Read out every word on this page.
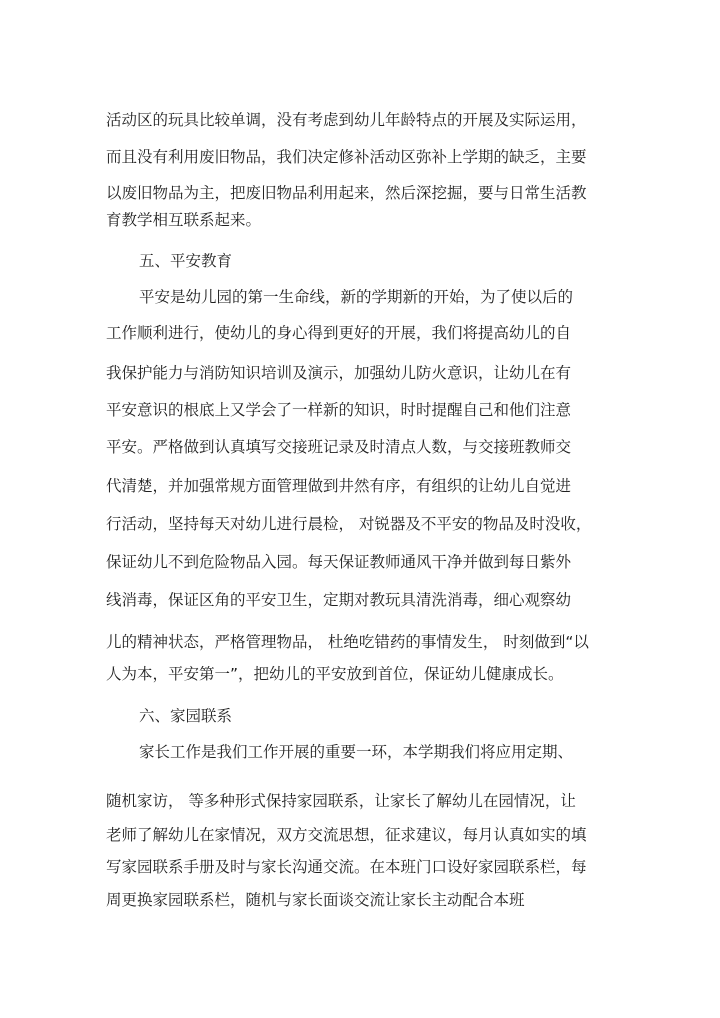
活动区的玩具比较单调，没有考虑到幼儿年龄特点的开展及实际运用，
而且没有利用废旧物品，我们决定修补活动区弥补上学期的缺乏，主要
以废旧物品为主，把废旧物品利用起来，然后深挖掘，要与日常生活教
育教学相互联系起来。
五、平安教育
平安是幼儿园的第一生命线，新的学期新的开始，为了使以后的
工作顺利进行，使幼儿的身心得到更好的开展，我们将提高幼儿的自
我保护能力与消防知识培训及演示，加强幼儿防火意识，让幼儿在有
平安意识的根底上又学会了一样新的知识，时时提醒自己和他们注意
平安。严格做到认真填写交接班记录及时清点人数，与交接班教师交
代清楚，并加强常规方面管理做到井然有序，有组织的让幼儿自觉进
行活动，坚持每天对幼儿进行晨检， 对锐器及不平安的物品及时没收，
保证幼儿不到危险物品入园。每天保证教师通风干净并做到每日紫外
线消毒，保证区角的平安卫生，定期对教玩具清洗消毒，细心观察幼
儿的精神状态，严格管理物品， 杜绝吃错药的事情发生， 时刻做到“以
人为本，平安第一”，把幼儿的平安放到首位，保证幼儿健康成长。
六、家园联系
家长工作是我们工作开展的重要一环，本学期我们将应用定期、
随机家访， 等多种形式保持家园联系，让家长了解幼儿在园情况，让
老师了解幼儿在家情况，双方交流思想，征求建议，每月认真如实的填
写家园联系手册及时与家长沟通交流。在本班门口设好家园联系栏，每
周更换家园联系栏，随机与家长面谈交流让家长主动配合本班
